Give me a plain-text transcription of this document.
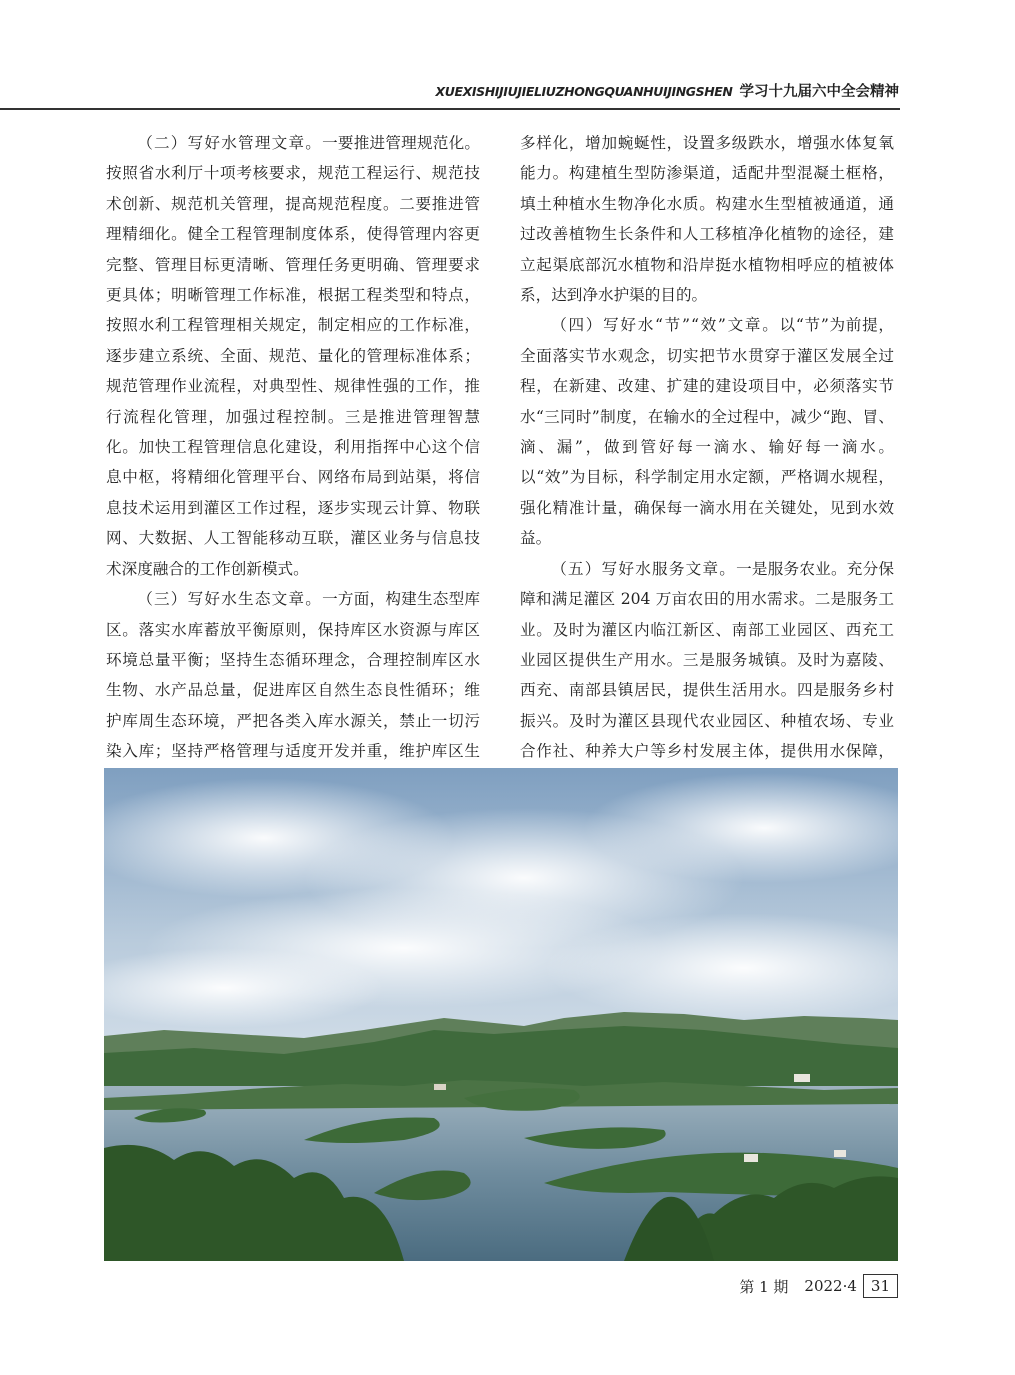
XUEXISHIJIUJIELIUZHONGQUANHUIJINGSHEN 学习十九届六中全会精神

（二）写好水管理文章。一要推进管理规范化。按照省水利厅十项考核要求，规范工程运行、规范技术创新、规范机关管理，提高规范程度。二要推进管理精细化。健全工程管理制度体系，使得管理内容更完整、管理目标更清晰、管理任务更明确、管理要求更具体；明晰管理工作标准，根据工程类型和特点，按照水利工程管理相关规定，制定相应的工作标准，逐步建立系统、全面、规范、量化的管理标准体系；规范管理作业流程，对典型性、规律性强的工作，推行流程化管理，加强过程控制。三是推进管理智慧化。加快工程管理信息化建设，利用指挥中心这个信息中枢，将精细化管理平台、网络布局到站渠，将信息技术运用到灌区工作过程，逐步实现云计算、物联网、大数据、人工智能移动互联，灌区业务与信息技术深度融合的工作创新模式。

（三）写好水生态文章。一方面，构建生态型库区。落实水库蓄放平衡原则，保持库区水资源与库区环境总量平衡；坚持生态循环理念，合理控制库区水生物、水产品总量，促进库区自然生态良性循环；维护库周生态环境，严把各类入库水源关，禁止一切污染入库；坚持严格管理与适度开发并重，维护库区生

多样化，增加蜿蜒性，设置多级跌水，增强水体复氧能力。构建植生型防渗渠道，适配井型混凝土框格，填土种植水生物净化水质。构建水生型植被通道，通过改善植物生长条件和人工移植净化植物的途径，建立起渠底部沉水植物和沿岸挺水植物相呼应的植被体系，达到净水护渠的目的。

（四）写好水“节”“效”文章。以“节”为前提，全面落实节水观念，切实把节水贯穿于灌区发展全过程，在新建、改建、扩建的建设项目中，必须落实节水“三同时”制度，在输水的全过程中，减少“跑、冒、滴、漏”，做到管好每一滴水、输好每一滴水。以“效”为目标，科学制定用水定额，严格调水规程，强化精准计量，确保每一滴水用在关键处，见到水效益。

（五）写好水服务文章。一是服务农业。充分保障和满足灌区 204 万亩农田的用水需求。二是服务工业。及时为灌区内临江新区、南部工业园区、西充工业园区提供生产用水。三是服务城镇。及时为嘉陵、西充、南部县镇居民，提供生活用水。四是服务乡村振兴。及时为灌区县现代农业园区、种植农场、专业合作社、种养大户等乡村发展主体，提供用水保障，

第 1 期 2022·4 31
